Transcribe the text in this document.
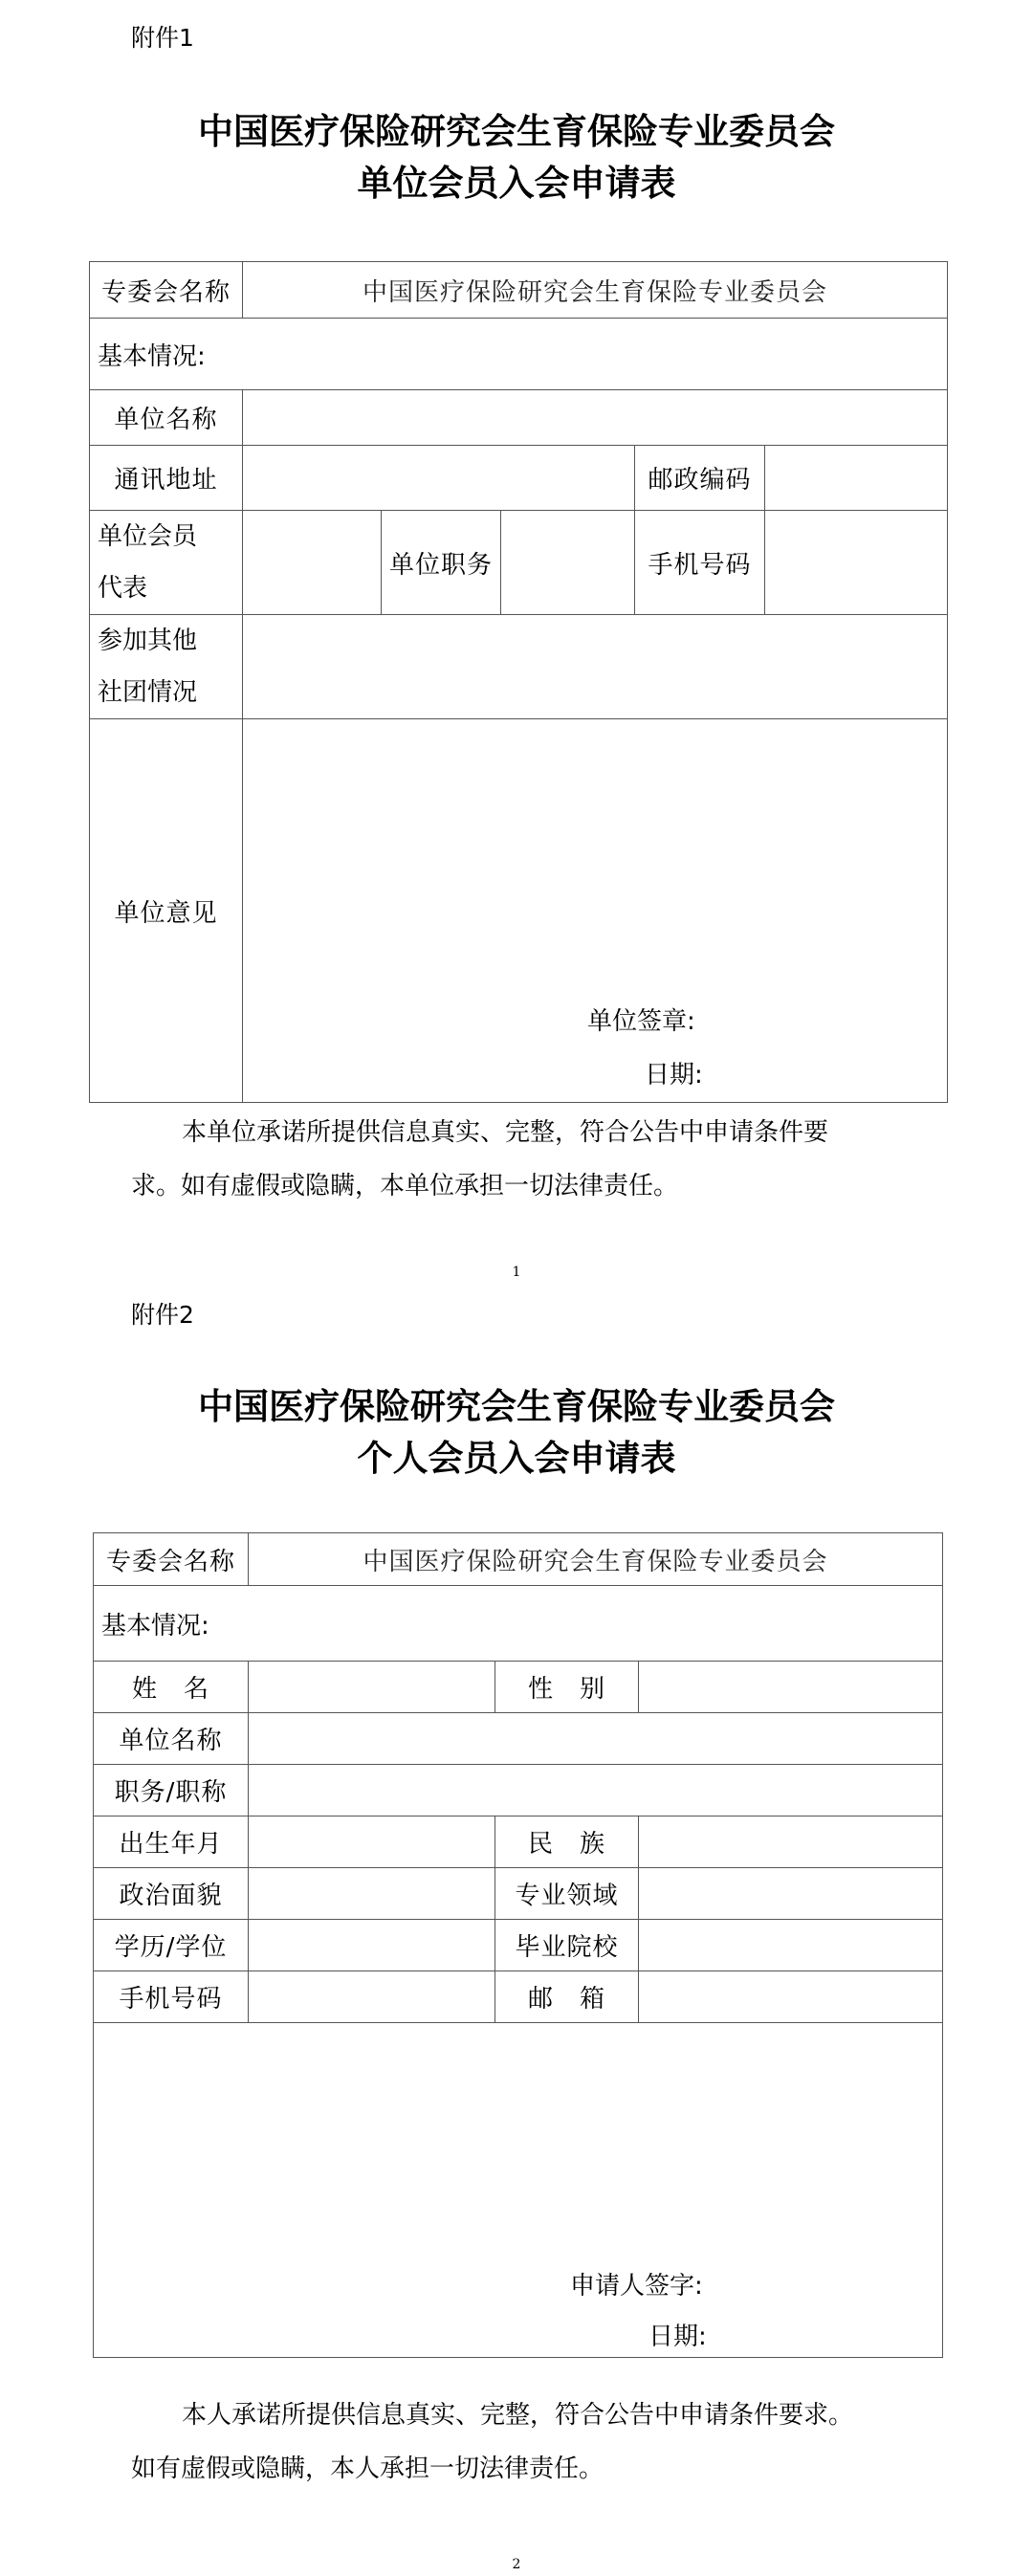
附件1
中国医疗保险研究会生育保险专业委员会
单位会员入会申请表
专委会名称	中国医疗保险研究会生育保险专业委员会				
基本情况:					
单位名称					
通讯地址				邮政编码	

单位会员
代表		单位职务		手机号码	

参加其他
社团情况					

单位意见	单位签章:
日期:				
本单位承诺所提供信息真实、完整，符合公告中申请条件要
求。如有虚假或隐瞒，本单位承担一切法律责任。
1
附件2
中国医疗保险研究会生育保险专业委员会
个人会员入会申请表
专委会名称	中国医疗保险研究会生育保险专业委员会		
基本情况:			
姓　名		性　别	
单位名称			
职务/职称			
出生年月		民　族	
政治面貌		专业领域	
学历/学位		毕业院校	
手机号码		邮　箱	

申请人签字:
日期:			
本人承诺所提供信息真实、完整，符合公告中申请条件要求。
如有虚假或隐瞒，本人承担一切法律责任。
2
